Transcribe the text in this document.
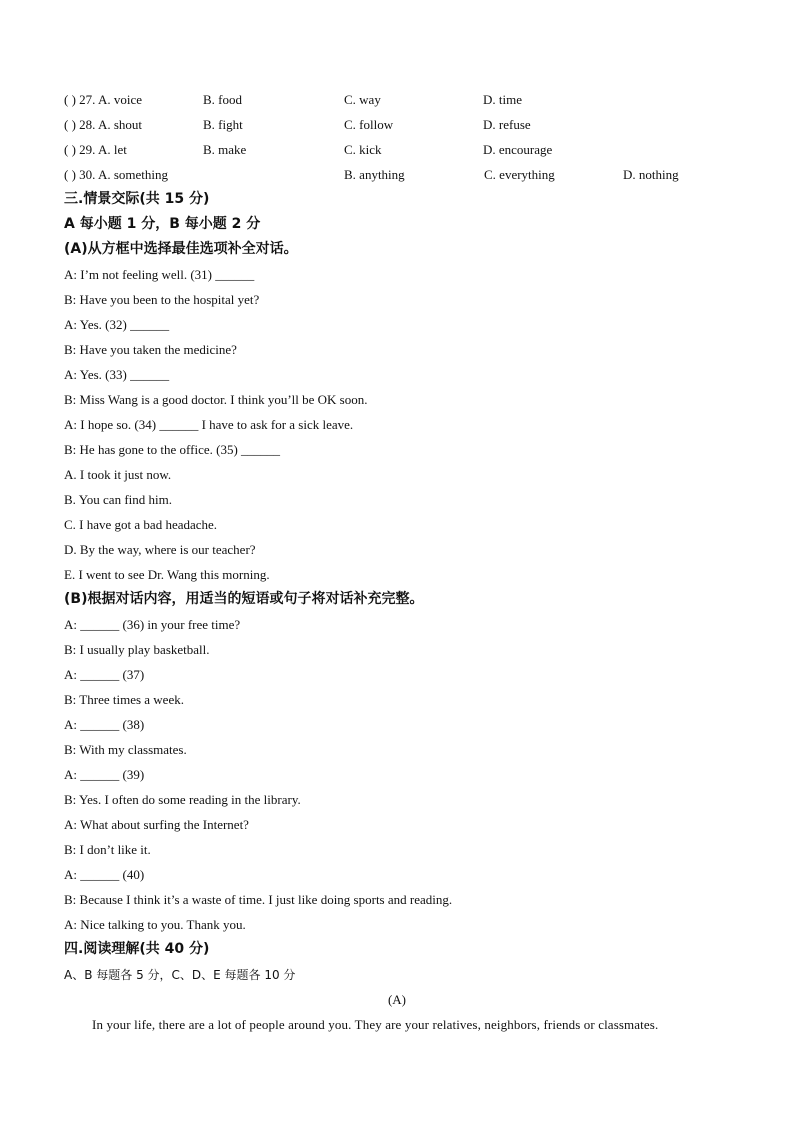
( ) 27. A. voice	B. food	C. way	D. time
( ) 28. A. shout	B. fight	C. follow	D. refuse
( ) 29. A. let	B. make	C. kick	D. encourage
( ) 30. A. something	B. anything	C. everything	D. nothing
三.情景交际(共 15 分)
A 每小题 1 分，B 每小题 2 分
(A)从方框中选择最佳选项补全对话。
A: I’m not feeling well. (31) ______
B: Have you been to the hospital yet?
A: Yes. (32) ______
B: Have you taken the medicine?
A: Yes. (33) ______
B: Miss Wang is a good doctor. I think you’ll be OK soon.
A: I hope so. (34) ______ I have to ask for a sick leave.
B: He has gone to the office. (35) ______
A. I took it just now.
B. You can find him.
C. I have got a bad headache.
D. By the way, where is our teacher?
E. I went to see Dr. Wang this morning.
(B)根据对话内容，用适当的短语或句子将对话补充完整。
A: ______ (36) in your free time?
B: I usually play basketball.
A: ______ (37)
B: Three times a week.
A: ______ (38)
B: With my classmates.
A: ______ (39)
B: Yes. I often do some reading in the library.
A: What about surfing the Internet?
B: I don’t like it.
A: ______ (40)
B: Because I think it’s a waste of time. I just like doing sports and reading.
A: Nice talking to you. Thank you.
四.阅读理解(共 40 分)
A、B 每题各 5 分，C、D、E 每题各 10 分
(A)
In your life, there are a lot of people around you. They are your relatives, neighbors, friends or classmates.
